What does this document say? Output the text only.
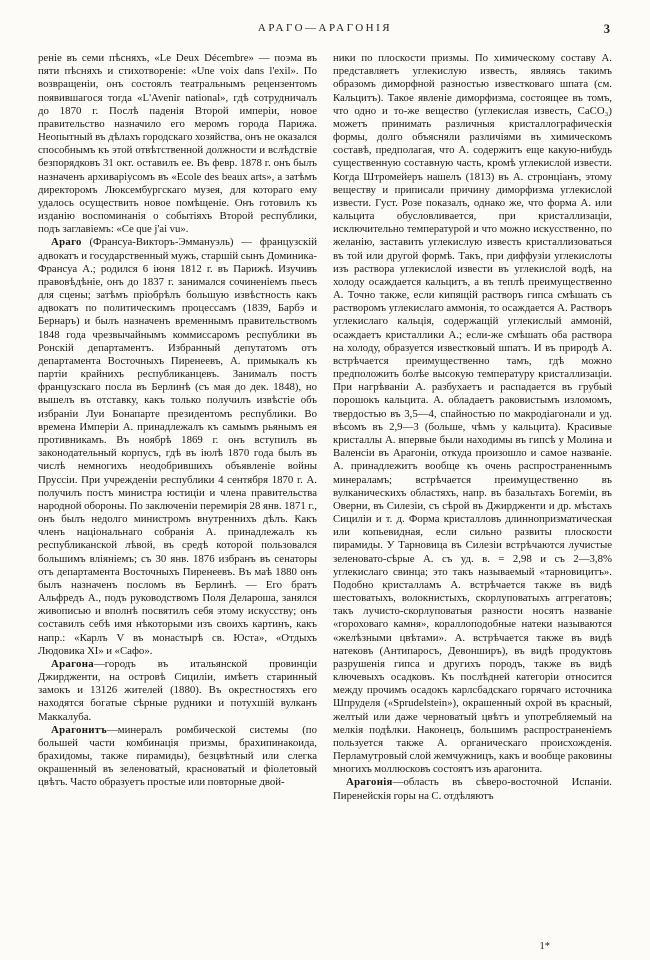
АРАГО—АРАГОНІЯ	3

реніе въ семи пѣсняхъ, «Le Deux Décembre» — поэма въ пяти пѣсняхъ и стихотвореніе: «Une voix dans l'exil». По возвращеніи, онъ состоялъ театральнымъ рецензентомъ появившагося тогда «L'Avenir national», гдѣ сотрудничалъ до 1870 г. Послѣ паденія Второй имперіи, новое правительство назначило его меромъ города Парижа. Неопытный въ дѣлахъ городскаго хозяйства, онъ не оказался способнымъ къ этой отвѣтственной должности и вслѣдствіе безпорядковъ 31 окт. оставилъ ее. Въ февр. 1878 г. онъ былъ назначенъ архиваріусомъ въ «Ecole des beaux arts», а затѣмъ директоромъ Люксембургскаго музея, для котораго ему удалось осуществить новое помѣщеніе. Онъ готовилъ къ изданію воспоминанія о событіяхъ Второй республики, подъ заглавіемъ: «Ce que j'ai vu».

Араго (Франсуа-Викторъ-Эммануэль) — французскій адвокатъ и государственный мужъ, старшій сынъ Доминика-Франсуа А.; родился 6 іюня 1812 г. въ Парижѣ. Изучивъ правовѣдѣніе, онъ до 1837 г. занимался сочиненіемъ пьесъ для сцены; затѣмъ пріобрѣлъ большую извѣстность какъ адвокатъ по политическимъ процессамъ (1839, Барбэ и Бернаръ) и былъ назначенъ временнымъ правительствомъ 1848 года чрезвычайнымъ коммиссаромъ республики въ Ронскій департаментъ. Избранный депутатомъ отъ департамента Восточныхъ Пиренеевъ, А. примыкалъ къ партіи крайнихъ республиканцевъ. Занималъ постъ французскаго посла въ Берлинѣ (съ мая до дек. 1848), но вышелъ въ отставку, какъ только получилъ извѣстіе объ избраніи Луи Бонапарте президентомъ республики. Во времена Имперіи А. принадлежалъ къ самымъ рьянымъ ея противникамъ. Въ ноябрѣ 1869 г. онъ вступилъ въ законодательный корпусъ, гдѣ въ іюлѣ 1870 года былъ въ числѣ немногихъ неодобрившихъ объявленіе войны Пруссіи. При учрежденіи республики 4 сентября 1870 г. А. получилъ постъ министра юстиціи и члена правительства народной обороны. По заключеніи перемирія 28 янв. 1871 г., онъ былъ недолго министромъ внутреннихъ дѣлъ. Какъ членъ національнаго собранія А. принадлежалъ къ республиканской лѣвой, въ средѣ которой пользовался большимъ вліяніемъ; съ 30 янв. 1876 избранъ въ сенаторы отъ департамента Восточныхъ Пиренеевъ. Въ маѣ 1880 онъ былъ назначенъ посломъ въ Берлинѣ. — Его братъ Альфредъ А., подъ руководствомъ Поля Делароша, занялся живописью и вполнѣ посвятилъ себя этому искусству; онъ составилъ себѣ имя нѣкоторыми изъ своихъ картинъ, какъ напр.: «Карлъ V въ монастырѣ св. Юста», «Отдыхъ Людовика XI» и «Сафо».

Арагона—городъ въ итальянской провинціи Джирдженти, на островѣ Сициліи, имѣетъ старинный замокъ и 13126 жителей (1880). Въ окрестностяхъ его находятся богатые сѣрные рудники и потухшій вулканъ Маккалуба.

Арагонитъ—минералъ ромбической системы (по большей части комбинація призмы, брахипинакоида, брахидомы, также пирамиды), безцвѣтный или слегка окрашенный въ зеленоватый, красноватый и фіолетовый цвѣтъ. Часто образуетъ простые или повторные двой-

ники по плоскости призмы. По химическому составу А. представляетъ углекислую известь, являясь такимъ образомъ диморфной разностью известковаго шпата (см. Кальцитъ). Такое явленіе диморфизма, состоящее въ томъ, что одно и то-же вещество (углекислая известь, CaCO₃) можетъ принимать различныя кристаллографическія формы, долго объясняли различіями въ химическомъ составѣ, предполагая, что А. содержитъ еще какую-нибудь существенную составную часть, кромѣ углекислой извести. Когда Штромейеръ нашелъ (1813) въ А. стронціанъ, этому веществу и приписали причину диморфизма углекислой извести. Густ. Розе показалъ, однако же, что форма А. или кальцита обусловливается, при кристаллизаціи, исключительно температурой и что можно искусственно, по желанію, заставить углекислую известь кристаллизоваться въ той или другой формѣ. Такъ, при диффузіи углекислоты изъ раствора углекислой извести въ углекислой водѣ, на холоду осаждается кальцитъ, а въ теплѣ преимущественно А. Точно также, если кипящій растворъ гипса смѣшать съ растворомъ углекислаго аммонія, то осаждается А. Растворъ углекислаго кальція, содержащій углекислый аммоній, осаждаетъ кристаллики А.; если-же смѣшать оба раствора на холоду, образуется известковый шпатъ. И въ природѣ А. встрѣчается преимущественно тамъ, гдѣ можно предположить болѣе высокую температуру кристаллизаціи. При нагрѣваніи А. разбухаетъ и распадается въ грубый порошокъ кальцита. А. обладаетъ раковистымъ изломомъ, твердостью въ 3,5—4, спайностью по макродіагонали и уд. вѣсомъ въ 2,9—3 (больше, чѣмъ у кальцита). Красивые кристаллы А. впервые были находимы въ гипсѣ у Молина и Валенсіи въ Арагоніи, откуда произошло и самое названіе. А. принадлежитъ вообще къ очень распространеннымъ минераламъ; встрѣчается преимущественно въ вулканическихъ областяхъ, напр. въ базальтахъ Богеміи, въ Оверни, въ Силезіи, съ сѣрой въ Джирдженти и др. мѣстахъ Сициліи и т. д. Форма кристалловъ длиннопризматическая или копьевидная, если сильно развиты плоскости пирамиды. У Тарновица въ Силезіи встрѣчаются лучистые зеленовато-сѣрые А. съ уд. в. = 2,98 и съ 2—3,8% углекислаго свинца; это такъ называемый «тарновицитъ». Подобно кристалламъ А. встрѣчается также въ видѣ шестоватыхъ, волокнистыхъ, скорлуповатыхъ аггрегатовъ; такъ лучисто-скорлуповатыя разности носятъ названіе «гороховаго камня», кораллоподобные натеки называются «желѣзными цвѣтами». А. встрѣчается также въ видѣ натековъ (Антипаросъ, Девонширъ), въ видѣ продуктовъ разрушенія гипса и другихъ породъ, также въ видѣ ключевыхъ осадковъ. Къ послѣдней категоріи относится между прочимъ осадокъ карлсбадскаго горячаго источника Шпруделя («Sprudelstein»), окрашенный охрой въ красный, желтый или даже черноватый цвѣтъ и употребляемый на мелкія подѣлки. Наконецъ, большимъ распространеніемъ пользуется также А. органическаго происхожденія. Перламутровый слой жемчужницъ, какъ и вообще раковины многихъ моллюсковъ состоятъ изъ арагонита.

Арагонія—область въ сѣверо-восточной Испаніи. Пиренейскія горы на С. отдѣляютъ

1*
